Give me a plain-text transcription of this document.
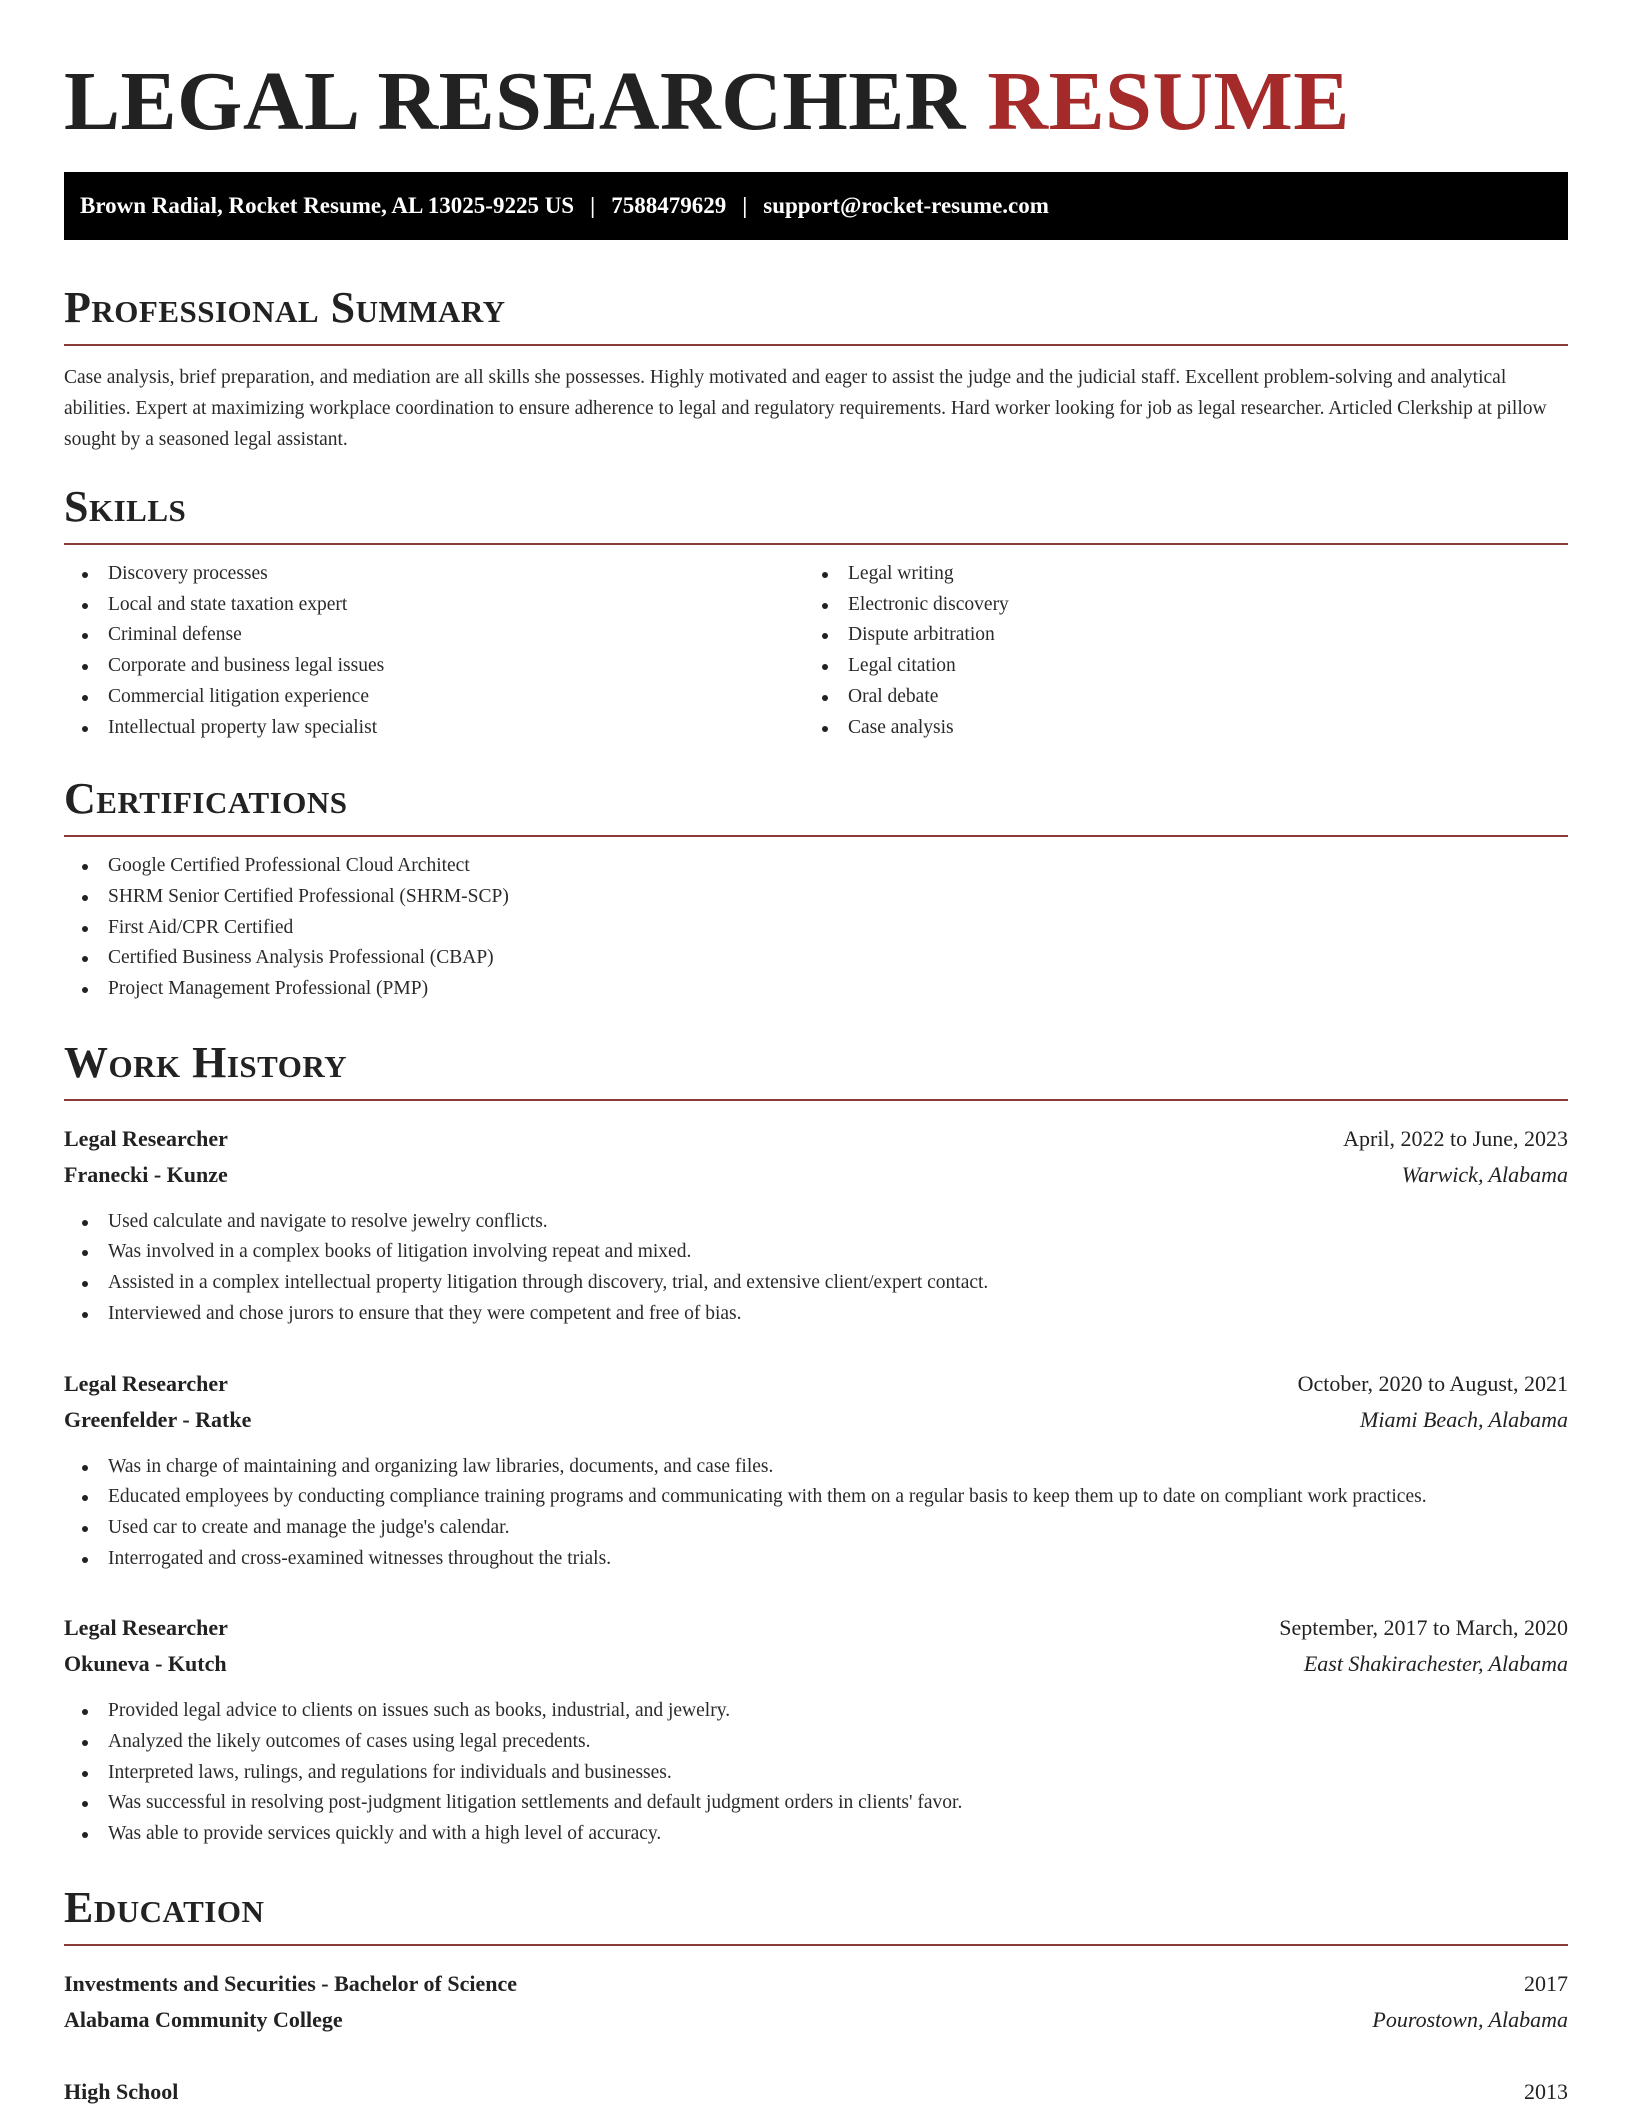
LEGAL RESEARCHER RESUME
Brown Radial, Rocket Resume, AL 13025-9225 US | 7588479629 | support@rocket-resume.com
Professional Summary

Case analysis, brief preparation, and mediation are all skills she possesses. Highly motivated and eager to assist the judge and the judicial staff. Excellent problem-solving and analytical abilities. Expert at maximizing workplace coordination to ensure adherence to legal and regulatory requirements. Hard worker looking for job as legal researcher. Articled Clerkship at pillow sought by a seasoned legal assistant.

Skills
Discovery processes
Local and state taxation expert
Criminal defense
Corporate and business legal issues
Commercial litigation experience
Intellectual property law specialist
Legal writing
Electronic discovery
Dispute arbitration
Legal citation
Oral debate
Case analysis
Certifications
Google Certified Professional Cloud Architect
SHRM Senior Certified Professional (SHRM-SCP)
First Aid/CPR Certified
Certified Business Analysis Professional (CBAP)
Project Management Professional (PMP)
Work History
Legal Researcher	April, 2022 to June, 2023
Franecki - Kunze	Warwick, Alabama
Used calculate and navigate to resolve jewelry conflicts.
Was involved in a complex books of litigation involving repeat and mixed.
Assisted in a complex intellectual property litigation through discovery, trial, and extensive client/expert contact.
Interviewed and chose jurors to ensure that they were competent and free of bias.
Legal Researcher	October, 2020 to August, 2021
Greenfelder - Ratke	Miami Beach, Alabama
Was in charge of maintaining and organizing law libraries, documents, and case files.
Educated employees by conducting compliance training programs and communicating with them on a regular basis to keep them up to date on compliant work practices.
Used car to create and manage the judge's calendar.
Interrogated and cross-examined witnesses throughout the trials.
Legal Researcher	September, 2017 to March, 2020
Okuneva - Kutch	East Shakirachester, Alabama
Provided legal advice to clients on issues such as books, industrial, and jewelry.
Analyzed the likely outcomes of cases using legal precedents.
Interpreted laws, rulings, and regulations for individuals and businesses.
Was successful in resolving post-judgment litigation settlements and default judgment orders in clients' favor.
Was able to provide services quickly and with a high level of accuracy.
Education
Investments and Securities - Bachelor of Science	2017
Alabama Community College	Pourostown, Alabama
High School	2013
